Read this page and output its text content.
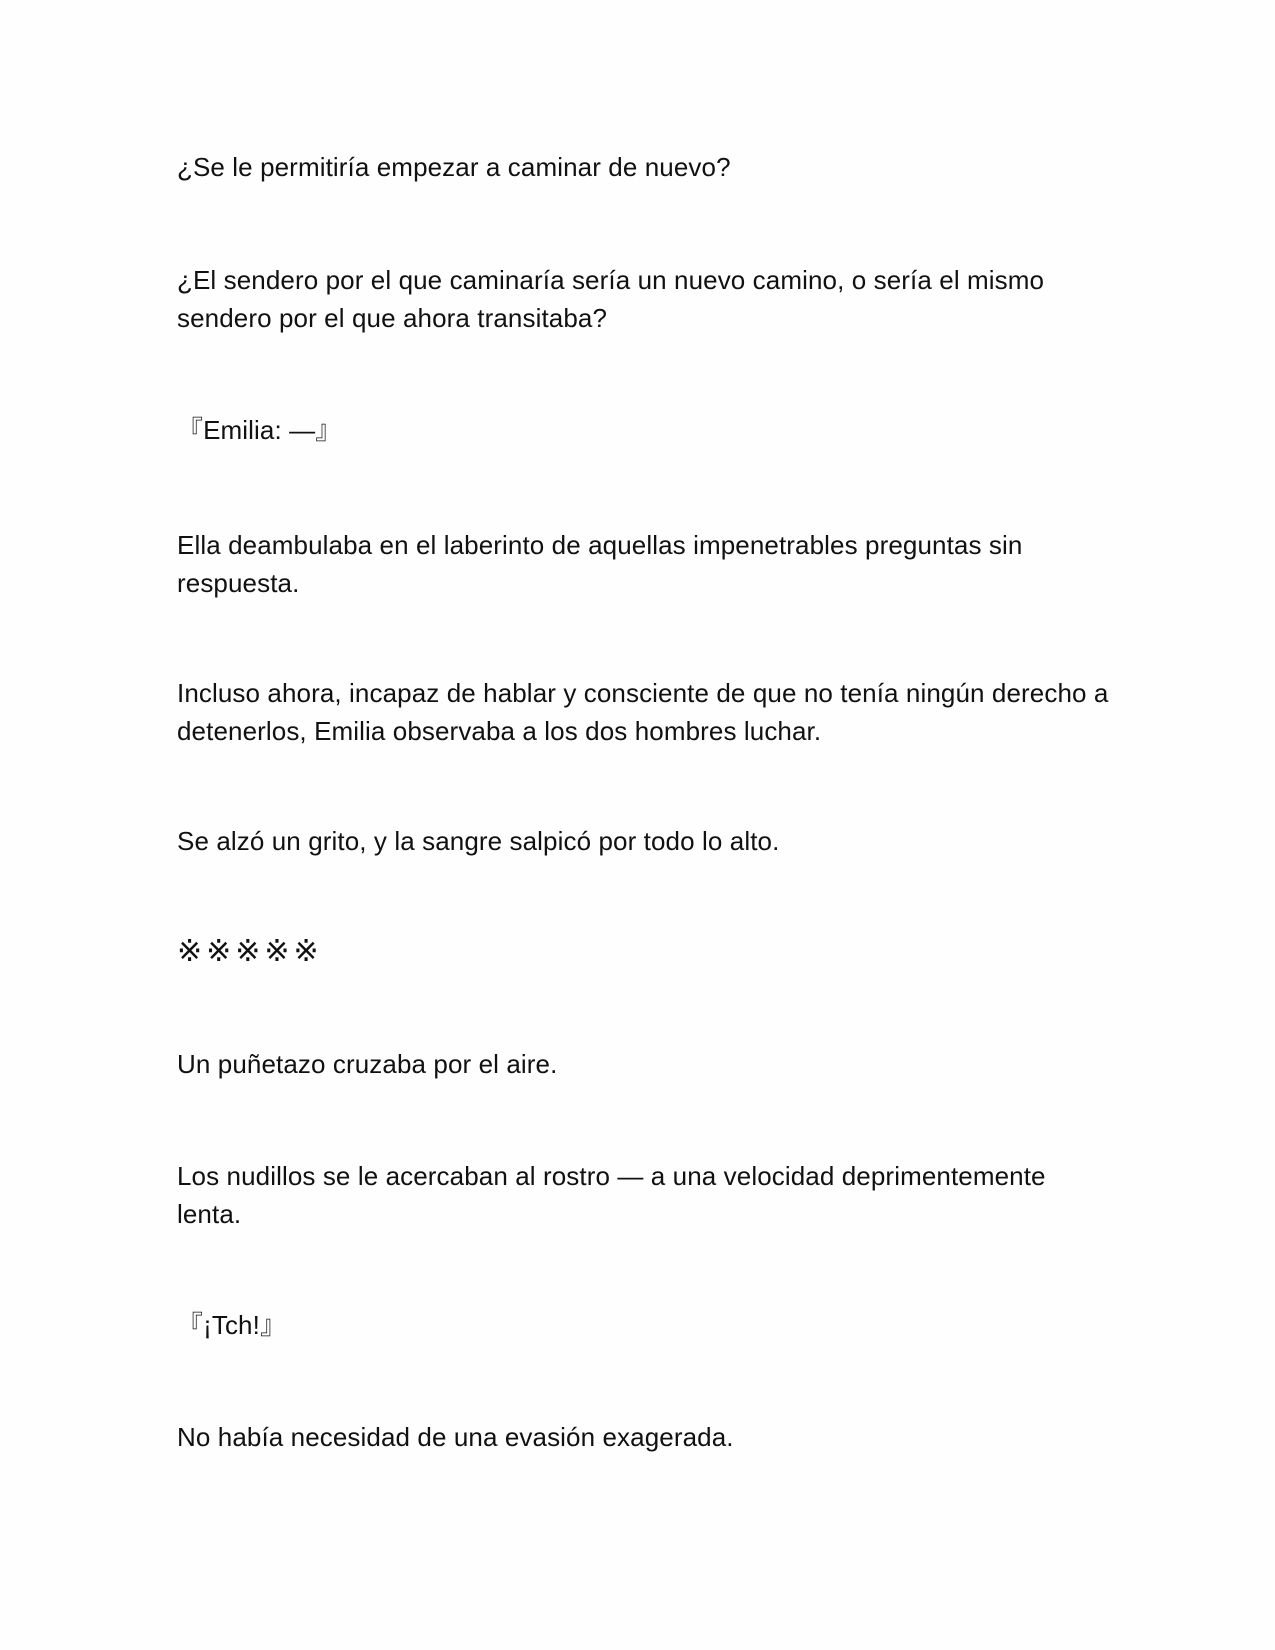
¿Se le permitiría empezar a caminar de nuevo?

¿El sendero por el que caminaría sería un nuevo camino, o sería el mismo sendero por el que ahora transitaba?

『Emilia: —』

Ella deambulaba en el laberinto de aquellas impenetrables preguntas sin respuesta.

Incluso ahora, incapaz de hablar y consciente de que no tenía ningún derecho a detenerlos, Emilia observaba a los dos hombres luchar.

Se alzó un grito, y la sangre salpicó por todo lo alto.

※※※※※

Un puñetazo cruzaba por el aire.

Los nudillos se le acercaban al rostro — a una velocidad deprimentemente lenta.

『¡Tch!』

No había necesidad de una evasión exagerada.
